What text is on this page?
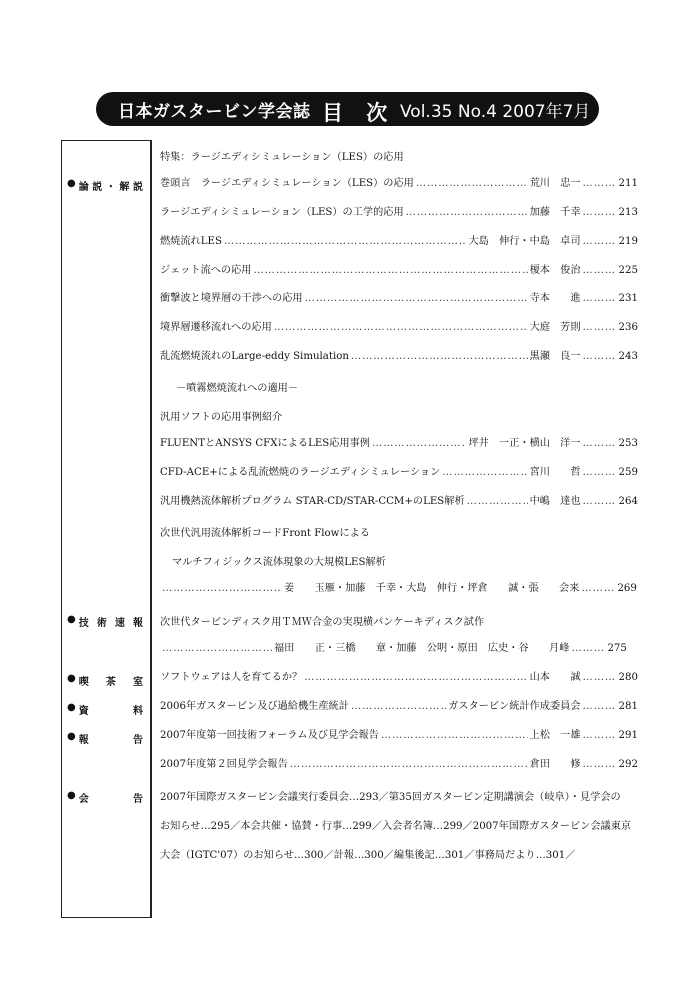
日本ガスタービン学会誌 目 次 Vol.35 No.4 2007年7月
● 論説・解説
● 技術速報
● 喫茶室
● 資料
● 報告
● 会告
特集：ラージエディシミュレーション（LES）の応用
巻頭言　ラージエディシミュレーション（LES）の応用 ……………………………………………………………………………………………………………………………………………………………………………	荒川　忠一 ……………………………………………………………………………………………………………………………………………………………………………	211
ラージエディシミュレーション（LES）の工学的応用 ……………………………………………………………………………………………………………………………………………………………………………	加藤　千幸 ……………………………………………………………………………………………………………………………………………………………………………	213
燃焼流れLES ……………………………………………………………………………………………………………………………………………………………………………	大島　伸行・中島　卓司 ……………………………………………………………………………………………………………………………………………………………………………	219
ジェット流への応用 ……………………………………………………………………………………………………………………………………………………………………………	榎本　俊治 ……………………………………………………………………………………………………………………………………………………………………………	225
衝撃波と境界層の干渉への応用 ……………………………………………………………………………………………………………………………………………………………………………	寺本　　進 ……………………………………………………………………………………………………………………………………………………………………………	231
境界層遷移流れへの応用 ……………………………………………………………………………………………………………………………………………………………………………	大庭　芳則 ……………………………………………………………………………………………………………………………………………………………………………	236
乱流燃焼流れのLarge-eddy Simulation ……………………………………………………………………………………………………………………………………………………………………………	黒瀬　良一 ……………………………………………………………………………………………………………………………………………………………………………	243
－噴霧燃焼流れへの適用－
汎用ソフトの応用事例紹介
FLUENTとANSYS CFXによるLES応用事例 ……………………………………………………………………………………………………………………………………………………………………………	坪井　一正・横山　洋一 ……………………………………………………………………………………………………………………………………………………………………………	253
CFD-ACE+による乱流燃焼のラージエディシミュレーション ……………………………………………………………………………………………………………………………………………………………………………	宮川　　哲 ……………………………………………………………………………………………………………………………………………………………………………	259
汎用機熱流体解析プログラム STAR-CD/STAR-CCM+のLES解析 ……………………………………………………………………………………………………………………………………………………………………………	中嶋　達也 ……………………………………………………………………………………………………………………………………………………………………………	264
次世代汎用流体解析コードFront Flowによる
マルチフィジックス流体現象の大規模LES解析
……………………………………………………………………………………………………………………………………………………………………………
姜　　玉雁・加藤　千幸・大島　伸行・坪倉　　誠・張　　会来 ……………………………………………………………………………………………………………………………………………………………………………	269
次世代タービンディスク用ＴＭＷ合金の実現横パンケーキディスク試作
……………………………………………………………………………………………………………………………………………………………………………
福田　　正・三橋　　章・加藤　公明・原田　広史・谷　　月峰 ……………………………………………………………………………………………………………………………………………………………………………	275
ソフトウェアは人を育てるか？ ……………………………………………………………………………………………………………………………………………………………………………	山本　　誠 ……………………………………………………………………………………………………………………………………………………………………………	280
2006年ガスタービン及び過給機生産統計 ……………………………………………………………………………………………………………………………………………………………………………	ガスタービン統計作成委員会 ……………………………………………………………………………………………………………………………………………………………………………	281
2007年度第一回技術フォーラム及び見学会報告 ……………………………………………………………………………………………………………………………………………………………………………	上松　一雄 ……………………………………………………………………………………………………………………………………………………………………………	291
2007年度第２回見学会報告 ……………………………………………………………………………………………………………………………………………………………………………	倉田　　修 ……………………………………………………………………………………………………………………………………………………………………………	292
2007年国際ガスタービン会議実行委員会…293／第35回ガスタービン定期講演会（岐阜）・見学会の
お知らせ…295／本会共催・協賛・行事…299／入会者名簿…299／2007年国際ガスタービン会議東京
大会（IGTC'07）のお知らせ…300／計報…300／編集後記…301／事務局だより…301／
